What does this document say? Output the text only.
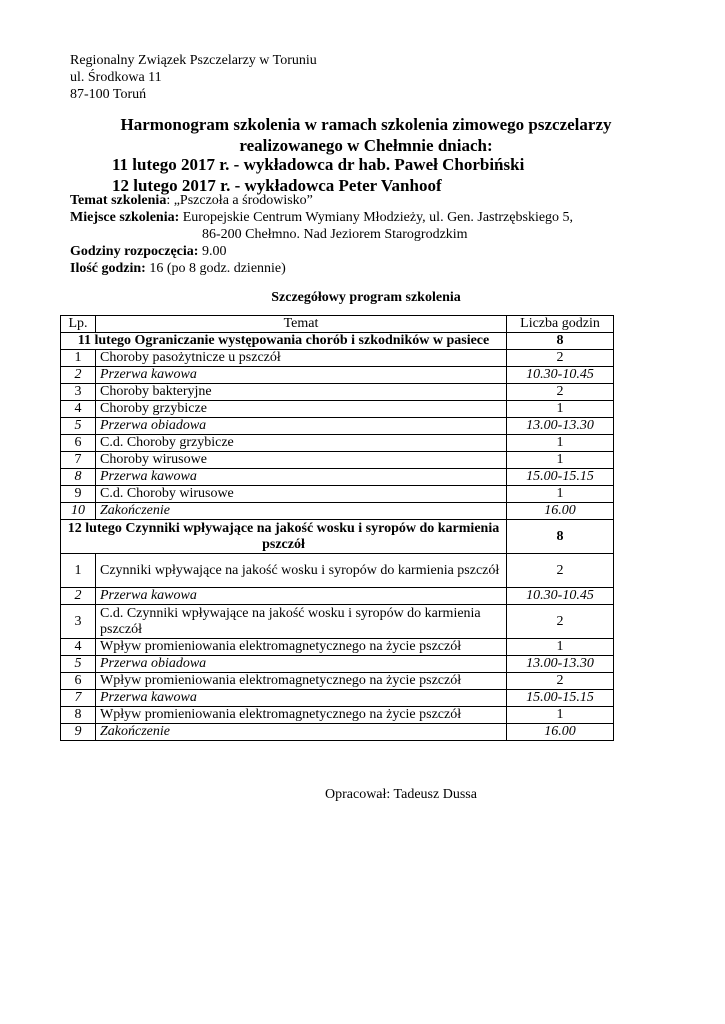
Regionalny Związek Pszczelarzy w Toruniu
ul. Środkowa 11
87-100 Toruń
Harmonogram szkolenia w ramach szkolenia zimowego pszczelarzy
realizowanego w Chełmnie dniach:
11 lutego 2017 r. - wykładowca dr hab. Paweł Chorbiński
12 lutego 2017 r. - wykładowca Peter Vanhoof
Temat szkolenia: „Pszczoła a środowisko”
Miejsce szkolenia: Europejskie Centrum Wymiany Młodzieży, ul. Gen. Jastrzębskiego 5,
86-200 Chełmno. Nad Jeziorem Starogrodzkim
Godziny rozpoczęcia: 9.00
Ilość godzin: 16 (po 8 godz. dziennie)
Szczegółowy program szkolenia
Lp.	Temat	Liczba godzin
11 lutego Ograniczanie występowania chorób i szkodników w pasiece		8
1	Choroby pasożytnicze u pszczół	2
2	Przerwa kawowa	10.30-10.45
3	Choroby bakteryjne	2
4	Choroby grzybicze	1
5	Przerwa obiadowa	13.00-13.30
6	C.d. Choroby grzybicze	1
7	Choroby wirusowe	1
8	Przerwa kawowa	15.00-15.15
9	C.d. Choroby wirusowe	1
10	Zakończenie	16.00
12 lutego Czynniki wpływające na jakość wosku i syropów do karmienia pszczół		8
1	Czynniki wpływające na jakość wosku i syropów do karmienia pszczół	2
2	Przerwa kawowa	10.30-10.45
3	C.d. Czynniki wpływające na jakość wosku i syropów do karmienia pszczół	2
4	Wpływ promieniowania elektromagnetycznego na życie pszczół	1
5	Przerwa obiadowa	13.00-13.30
6	Wpływ promieniowania elektromagnetycznego na życie pszczół	2
7	Przerwa kawowa	15.00-15.15
8	Wpływ promieniowania elektromagnetycznego na życie pszczół	1
9	Zakończenie	16.00
Opracował: Tadeusz Dussa
